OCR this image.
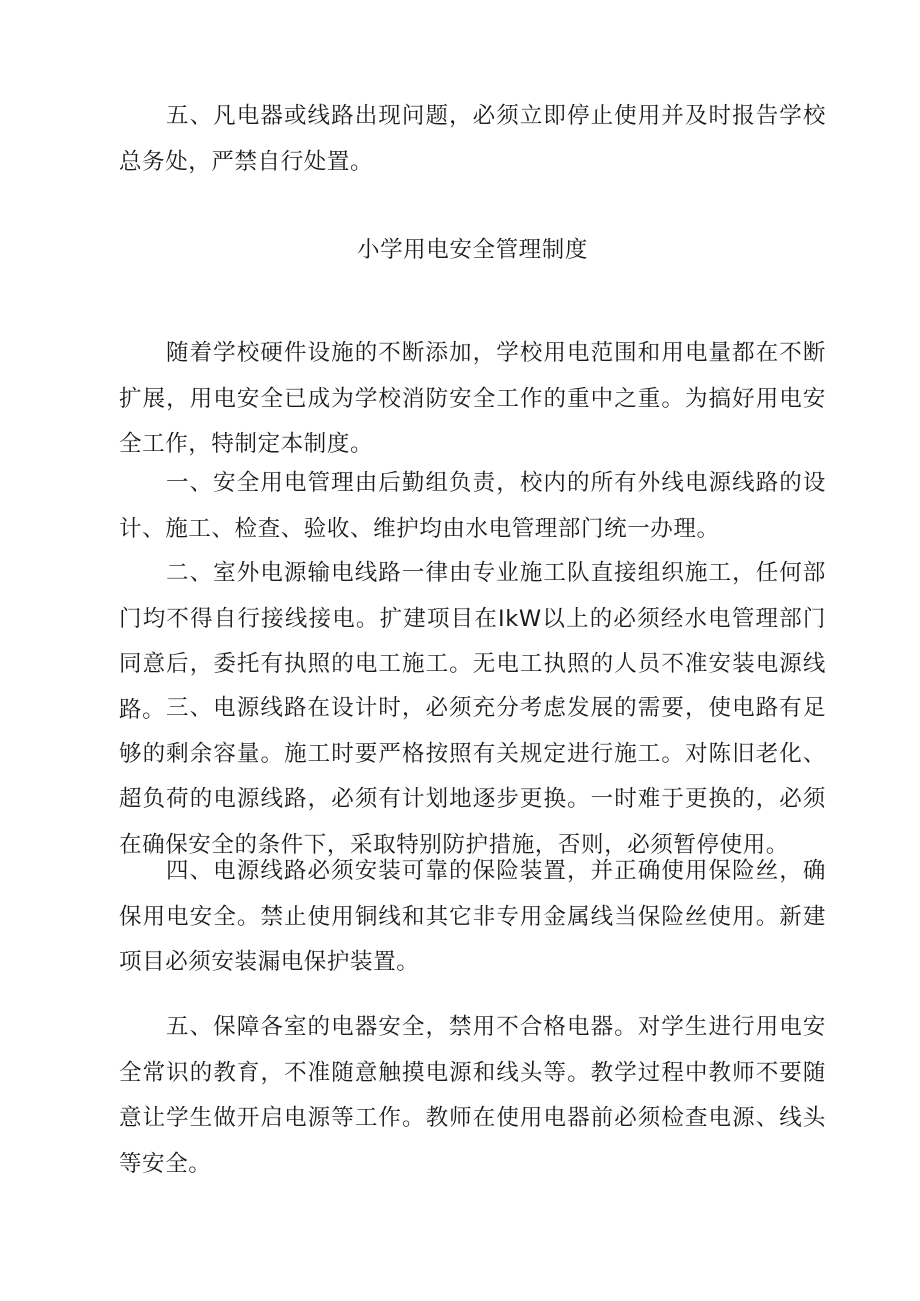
五、凡电器或线路出现问题，必须立即停止使用并及时报告学校总务处，严禁自行处置。

小学用电安全管理制度

随着学校硬件设施的不断添加，学校用电范围和用电量都在不断扩展，用电安全已成为学校消防安全工作的重中之重。为搞好用电安全工作，特制定本制度。

一、安全用电管理由后勤组负责，校内的所有外线电源线路的设计、施工、检查、验收、维护均由水电管理部门统一办理。

二、室外电源输电线路一律由专业施工队直接组织施工，任何部门均不得自行接线接电。扩建项目在IkW以上的必须经水电管理部门同意后，委托有执照的电工施工。无电工执照的人员不准安装电源线路。 三、电源线路在设计时，必须充分考虑发展的需要，使电路有足够的剩余容量。施工时要严格按照有关规定进行施工。对陈旧老化、超负荷的电源线路，必须有计划地逐步更换。一时难于更换的，必须在确保安全的条件下，采取特别防护措施，否则，必须暂停使用。

四、电源线路必须安装可靠的保险装置，并正确使用保险丝，确保用电安全。禁止使用铜线和其它非专用金属线当保险丝使用。新建项目必须安装漏电保护装置。

五、保障各室的电器安全，禁用不合格电器。对学生进行用电安全常识的教育，不准随意触摸电源和线头等。教学过程中教师不要随意让学生做开启电源等工作。教师在使用电器前必须检查电源、线头等安全。
